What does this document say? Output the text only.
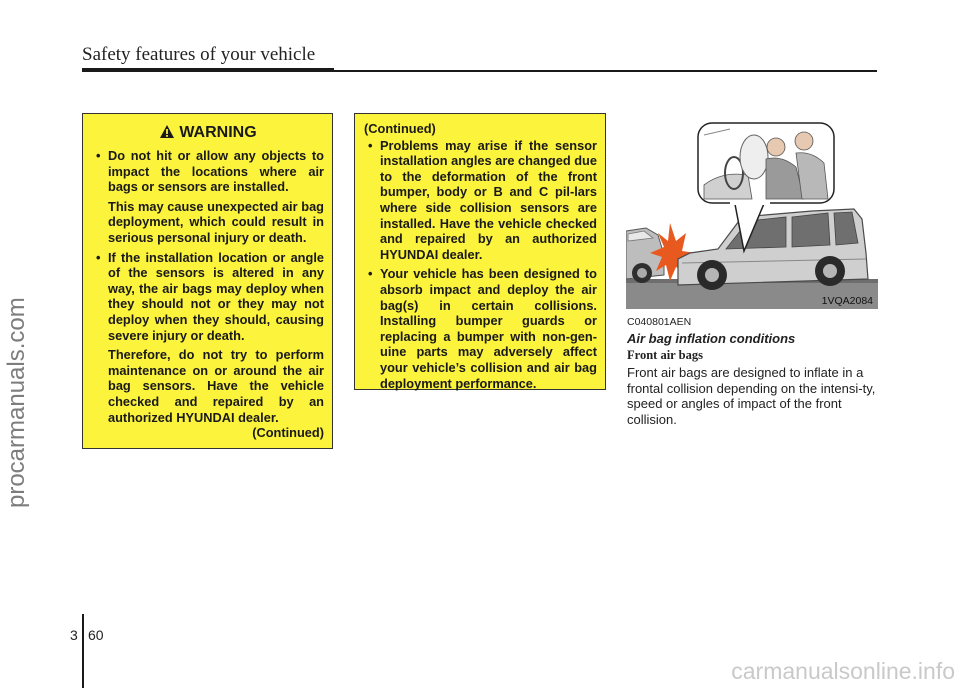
Safety features of your vehicle
procarmanuals.com
WARNING
• Do not hit or allow any objects to impact the locations where air bags or sensors are installed.
This may cause unexpected air bag deployment, which could result in serious personal injury or death.
• If the installation location or angle of the sensors is altered in any way, the air bags may deploy when they should not or they may not deploy when they should, causing severe injury or death.
Therefore, do not try to perform maintenance on or around the air bag sensors. Have the vehicle checked and repaired by an authorized HYUNDAI dealer.
(Continued)
(Continued)
• Problems may arise if the sensor installation angles are changed due to the deformation of the front bumper, body or B and C pil-lars where side collision sensors are installed. Have the vehicle checked and repaired by an authorized HYUNDAI dealer.
• Your vehicle has been designed to absorb impact and deploy the air bag(s) in certain collisions. Installing bumper guards or replacing a bumper with non-gen-uine parts may adversely affect your vehicle’s collision and air bag deployment performance.
1VQA2084
C040801AEN
Air bag inflation conditions
Front air bags
Front air bags are designed to inflate in a frontal collision depending on the intensi-ty, speed or angles of impact of the front collision.
3 60
carmanualsonline.info
